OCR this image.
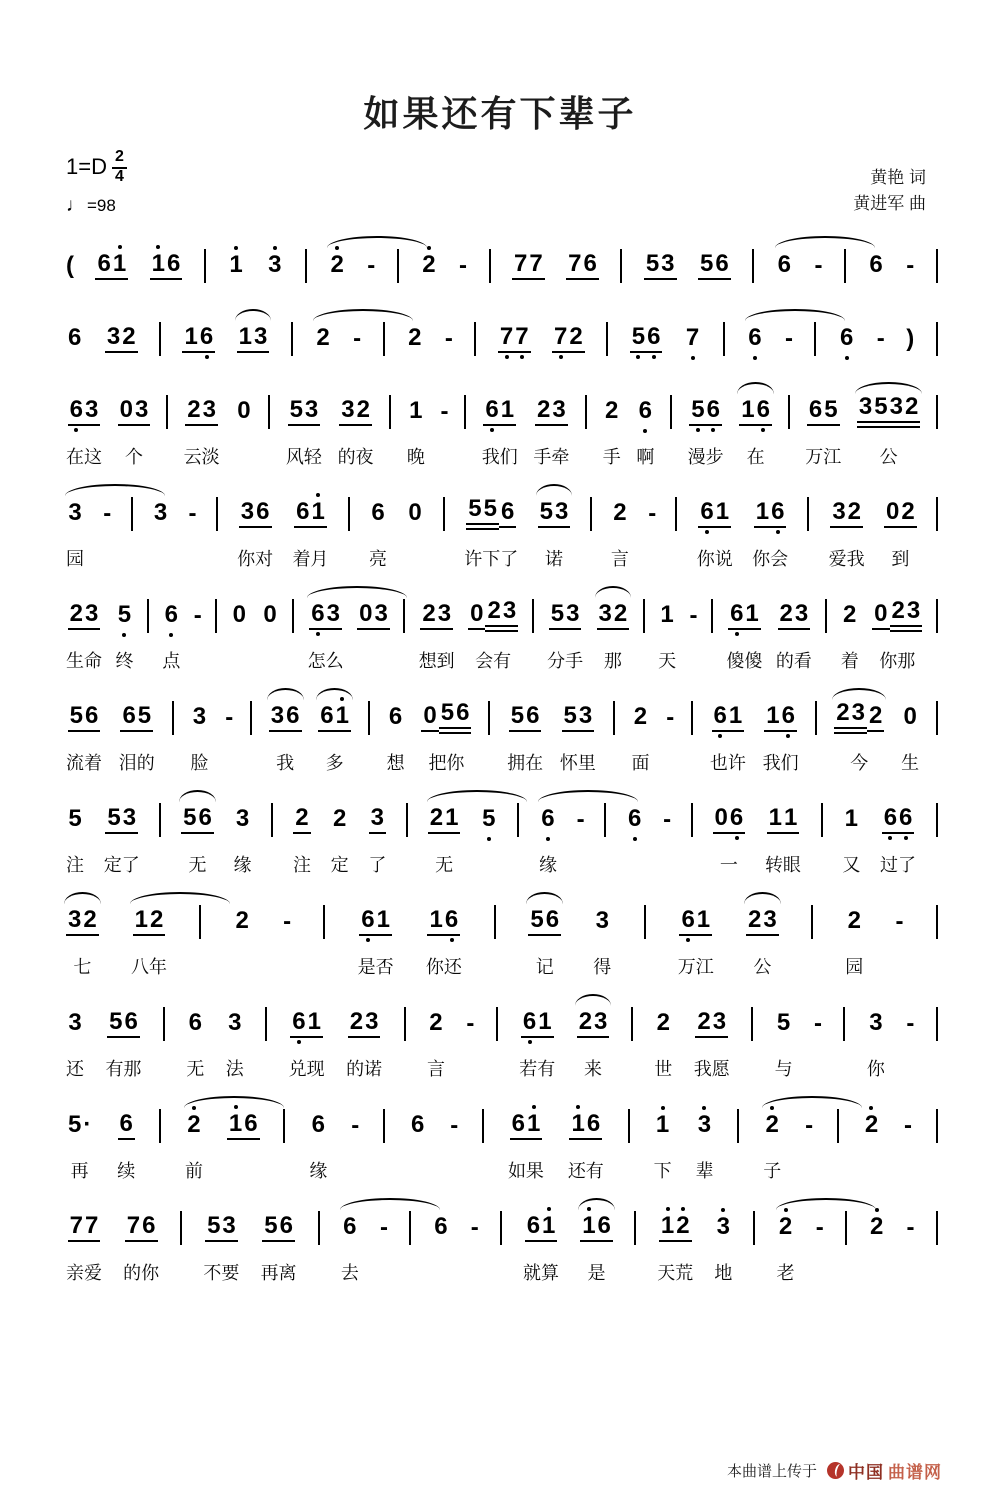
如果还有下辈子
$1=D \frac{2}{4}$
♩ =98
黄艳 词
黄进军 曲
( 6 1 1 6 1 3 2 - 2 - 7 7 7 6 5 3 5 6 6 - 6 -
6 3 2 1 6 1 3 2 - 2 - 7 7 7 2 5 6 7 6 - 6 - )
6 3
在这
0 3
个
2 3
云淡
0 5 3
风轻
3 2
的夜
1
晚
- 6 1
我们
2 3
手牵
2
手
6
啊
5 6
漫步
1 6
在
6 5
万江
3 5 3 2
公
3
园
- 3 - 3 6
你对
6 1
着月
6
亮
0 5 5 6
许下了
5 3
诺
2
言
- 6 1
你说
1 6
你会
3 2
爱我
0 2
到
2 3
生命
5
终
6
点
- 0 0 6 3
怎么
0 3 2 3
想到
0 2 3
会有
5 3
分手
3 2
那
1
天
- 6 1
傻傻
2 3
的看
2
着
0 2 3
你那
5 6
流着
6 5
泪的
3
脸
- 3 6
我
6 1
多
6
想
0 5 6
把你
5 6
拥在
5 3
怀里
2
面
- 6 1
也许
1 6
我们
2 3 2
今
0
生
5
注
5 3
定了
5 6
无
3
缘
2
注
2
定
3
了
2 1
无
5 6
缘
- 6 - 0 6
一
1 1
转眼
1
又
6 6
过了
3 2
七
1 2
八年
2 -	6 1
是否
1 6
你还
5 6
记
3
得
6 1
万江
2 3
公
2
园
-
3
还
5 6
有那
6
无
3
法
6 1
兑现
2 3
的诺
2
言
- 6 1
若有
2 3
来
2
世
2 3
我愿
5
与
- 3
你
-
5 ·
再
6
续
2
前
1 6 6
缘
- 6 - 6 1
如果
1 6
还有
1
下
3
辈
2
子
- 2 -
7 7
亲爱
7 6
的你
5 3
不要
5 6
再离
6
去
- 6 - 6 1
就算
1 6
是
1 2
天荒
3
地
2
老
- 2 -
本曲谱上传于 中国 曲谱网
